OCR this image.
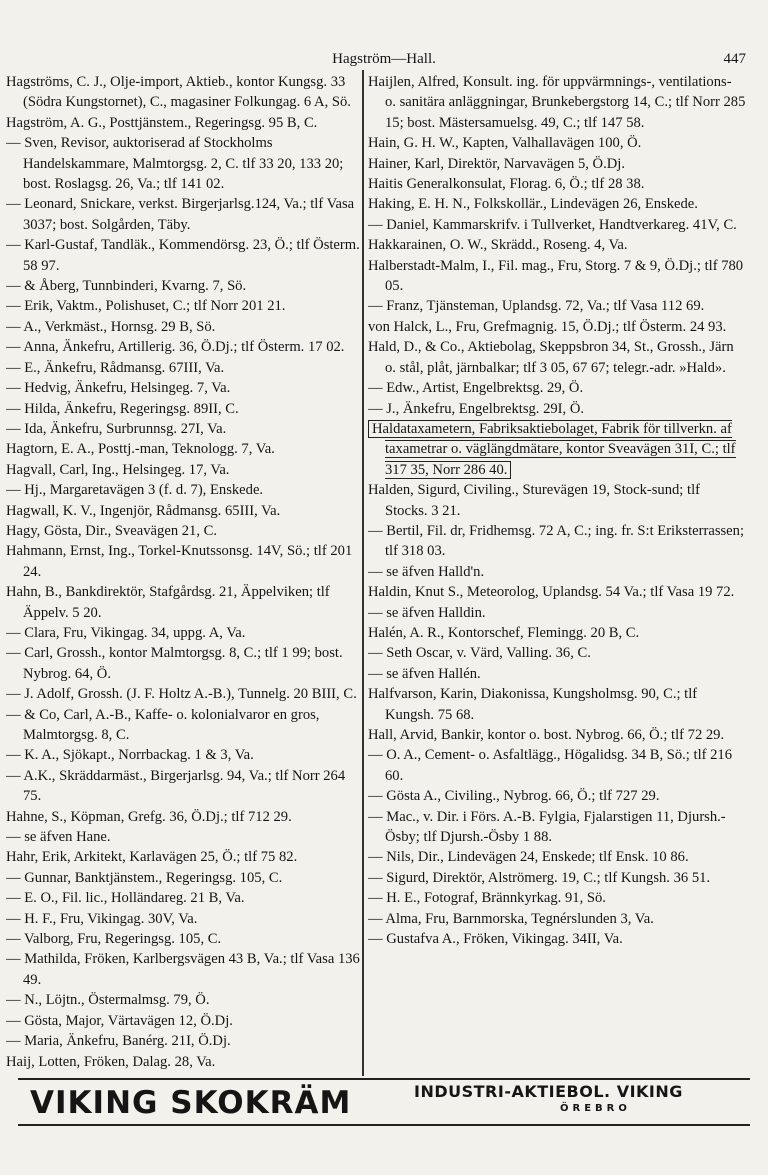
Hagström—Hall.	447
Hagströms, C. J., Olje-import, Aktieb., kontor Kungsg. 33 (Södra Kungstornet), C., magasiner Folkungag. 6 A, Sö.
Hagström, A. G., Posttjänstem., Regeringsg. 95 B, C.
— Sven, Revisor, auktoriserad af Stockholms Handelskammare, Malmtorgsg. 2, C. tlf 33 20, 133 20; bost. Roslagsg. 26, Va.; tlf 141 02.
— Leonard, Snickare, verkst. Birgerjarlsg.124, Va.; tlf Vasa 3037; bost. Solgården, Täby.
— Karl-Gustaf, Tandläk., Kommendörsg. 23, Ö.; tlf Österm. 58 97.
— & Åberg, Tunnbinderi, Kvarng. 7, Sö.
— Erik, Vaktm., Polishuset, C.; tlf Norr 201 21.
— A., Verkmäst., Hornsg. 29 B, Sö.
— Anna, Änkefru, Artillerig. 36, Ö.Dj.; tlf Österm. 17 02.
— E., Änkefru, Rådmansg. 67III, Va.
— Hedvig, Änkefru, Helsingeg. 7, Va.
— Hilda, Änkefru, Regeringsg. 89II, C.
— Ida, Änkefru, Surbrunnsg. 27I, Va.
Hagtorn, E. A., Posttj.-man, Teknologg. 7, Va.
Hagvall, Carl, Ing., Helsingeg. 17, Va.
— Hj., Margaretavägen 3 (f. d. 7), Enskede.
Hagwall, K. V., Ingenjör, Rådmansg. 65III, Va.
Hagy, Gösta, Dir., Sveavägen 21, C.
Hahmann, Ernst, Ing., Torkel-Knutssonsg. 14V, Sö.; tlf 201 24.
Hahn, B., Bankdirektör, Stafgårdsg. 21, Äppelviken; tlf Äppelv. 5 20.
— Clara, Fru, Vikingag. 34, uppg. A, Va.
— Carl, Grossh., kontor Malmtorgsg. 8, C.; tlf 1 99; bost. Nybrog. 64, Ö.
— J. Adolf, Grossh. (J. F. Holtz A.-B.), Tunnelg. 20 BIII, C.
— & Co, Carl, A.-B., Kaffe- o. kolonialvaror en gros, Malmtorgsg. 8, C.
— K. A., Sjökapt., Norrbackag. 1 & 3, Va.
— A.K., Skräddarmäst., Birgerjarlsg. 94, Va.; tlf Norr 264 75.
Hahne, S., Köpman, Grefg. 36, Ö.Dj.; tlf 712 29.
— se äfven Hane.
Hahr, Erik, Arkitekt, Karlavägen 25, Ö.; tlf 75 82.
— Gunnar, Banktjänstem., Regeringsg. 105, C.
— E. O., Fil. lic., Holländareg. 21 B, Va.
— H. F., Fru, Vikingag. 30V, Va.
— Valborg, Fru, Regeringsg. 105, C.
— Mathilda, Fröken, Karlbergsvägen 43 B, Va.; tlf Vasa 136 49.
— N., Löjtn., Östermalmsg. 79, Ö.
— Gösta, Major, Värtavägen 12, Ö.Dj.
— Maria, Änkefru, Banérg. 21I, Ö.Dj.
Haij, Lotten, Fröken, Dalag. 28, Va.
Haijlen, Alfred, Konsult. ing. för uppvärmnings-, ventilations- o. sanitära anläggningar, Brunkebergstorg 14, C.; tlf Norr 285 15; bost. Mästersamuelsg. 49, C.; tlf 147 58.
Hain, G. H. W., Kapten, Valhallavägen 100, Ö.
Hainer, Karl, Direktör, Narvavägen 5, Ö.Dj.
Haitis Generalkonsulat, Florag. 6, Ö.; tlf 28 38.
Haking, E. H. N., Folkskollär., Lindevägen 26, Enskede.
— Daniel, Kammarskrifv. i Tullverket, Handtverkareg. 41V, C.
Hakkarainen, O. W., Skrädd., Roseng. 4, Va.
Halberstadt-Malm, I., Fil. mag., Fru, Storg. 7 & 9, Ö.Dj.; tlf 780 05.
— Franz, Tjänsteman, Uplandsg. 72, Va.; tlf Vasa 112 69.
von Halck, L., Fru, Grefmagnig. 15, Ö.Dj.; tlf Österm. 24 93.
Hald, D., & Co., Aktiebolag, Skeppsbron 34, St., Grossh., Järn o. stål, plåt, järnbalkar; tlf 3 05, 67 67; telegr.-adr. »Hald».
— Edw., Artist, Engelbrektsg. 29, Ö.
— J., Änkefru, Engelbrektsg. 29I, Ö.
Haldataxametern, Fabriksaktiebolaget, Fabrik för tillverkn. af taxametrar o. väglängdmätare, kontor Sveavägen 31I, C.; tlf 317 35, Norr 286 40.
Halden, Sigurd, Civiling., Sturevägen 19, Stock-sund; tlf Stocks. 3 21.
— Bertil, Fil. dr, Fridhemsg. 72 A, C.; ing. fr. S:t Eriksterrassen; tlf 318 03.
— se äfven Halld'n.
Haldin, Knut S., Meteorolog, Uplandsg. 54 Va.; tlf Vasa 19 72.
— se äfven Halldin.
Halén, A. R., Kontorschef, Flemingg. 20 B, C.
— Seth Oscar, v. Värd, Valling. 36, C.
— se äfven Hallén.
Halfvarson, Karin, Diakonissa, Kungsholmsg. 90, C.; tlf Kungsh. 75 68.
Hall, Arvid, Bankir, kontor o. bost. Nybrog. 66, Ö.; tlf 72 29.
— O. A., Cement- o. Asfaltlägg., Högalidsg. 34 B, Sö.; tlf 216 60.
— Gösta A., Civiling., Nybrog. 66, Ö.; tlf 727 29.
— Mac., v. Dir. i Förs. A.-B. Fylgia, Fjalarstigen 11, Djursh.-Ösby; tlf Djursh.-Ösby 1 88.
— Nils, Dir., Lindevägen 24, Enskede; tlf Ensk. 10 86.
— Sigurd, Direktör, Alströmerg. 19, C.; tlf Kungsh. 36 51.
— H. E., Fotograf, Brännkyrkag. 91, Sö.
— Alma, Fru, Barnmorska, Tegnérslunden 3, Va.
— Gustafva A., Fröken, Vikingag. 34II, Va.
VIKING SKOKRÄM	INDUSTRI-AKTIEBOL. VIKING
ÖREBRO
